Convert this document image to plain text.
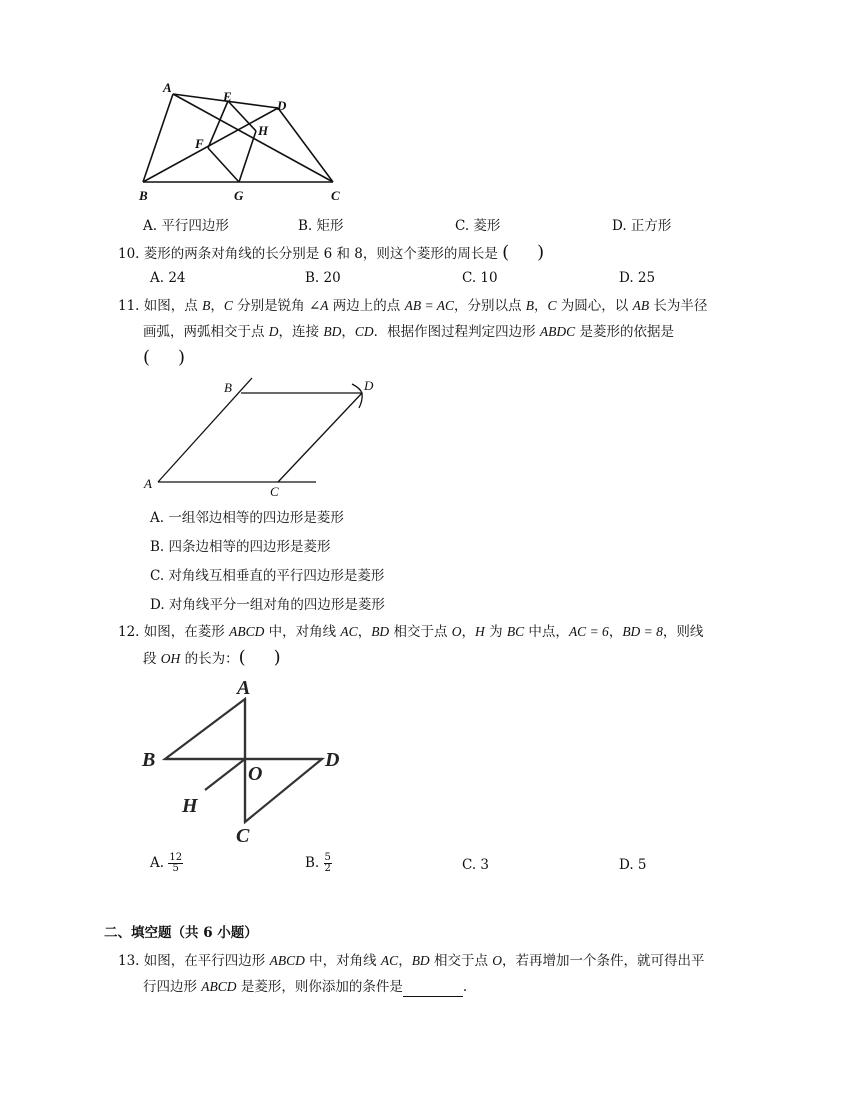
A
E
D
F
H
B	G	C
A. 平行四边形	B. 矩形	C. 菱形	D. 正方形
10. 菱形的两条对角线的长分别是 6 和 8，则这个菱形的周长是 ( )
A. 24	B. 20	C. 10	D. 25
11. 如图，点 B，C 分别是锐角 ∠A 两边上的点 AB = AC，分别以点 B，C 为圆心，以 AB 长为半径
画弧，两弧相交于点 D，连接 BD，CD．根据作图过程判定四边形 ABDC 是菱形的依据是
( )
B	D
A
C
A. 一组邻边相等的四边形是菱形
B. 四条边相等的四边形是菱形
C. 对角线互相垂直的平行四边形是菱形
D. 对角线平分一组对角的四边形是菱形
12. 如图，在菱形 ABCD 中，对角线 AC，BD 相交于点 O，H 为 BC 中点，AC = 6，BD = 8，则线
段 OH 的长为：( )
A
B	D
O
H
C
A. $\frac{12}{5}$	B. $\frac{5}{2}$	C. 3	D. 5
二、填空题（共 6 小题）
13. 如图，在平行四边形 ABCD 中，对角线 AC，BD 相交于点 O，若再增加一个条件，就可得出平
行四边形 ABCD 是菱形，则你添加的条件是	.
